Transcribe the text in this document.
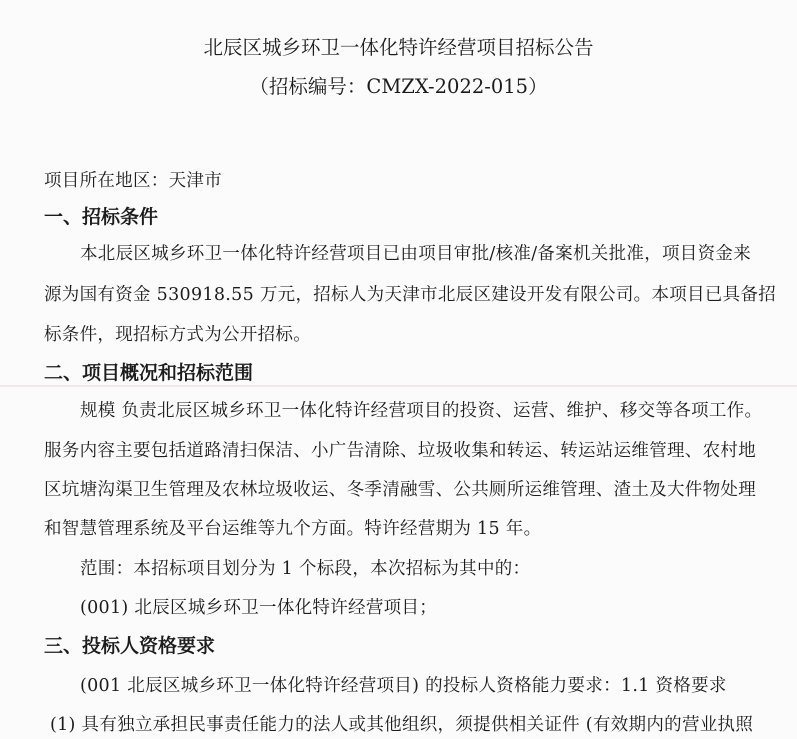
北辰区城乡环卫一体化特许经营项目招标公告
（招标编号：CMZX-2022-015）
项目所在地区：天津市
一、招标条件
本北辰区城乡环卫一体化特许经营项目已由项目审批/核准/备案机关批准，项目资金来
源为国有资金 530918.55 万元，招标人为天津市北辰区建设开发有限公司。本项目已具备招
标条件，现招标方式为公开招标。
二、项目概况和招标范围
规模 负责北辰区城乡环卫一体化特许经营项目的投资、运营、维护、移交等各项工作。
服务内容主要包括道路清扫保洁、小广告清除、垃圾收集和转运、转运站运维管理、农村地
区坑塘沟渠卫生管理及农林垃圾收运、冬季清融雪、公共厕所运维管理、渣土及大件物处理
和智慧管理系统及平台运维等九个方面。特许经营期为 15 年。
范围：本招标项目划分为 1 个标段，本次招标为其中的：
(001) 北辰区城乡环卫一体化特许经营项目；
三、投标人资格要求
(001 北辰区城乡环卫一体化特许经营项目) 的投标人资格能力要求：1.1 资格要求
(1) 具有独立承担民事责任能力的法人或其他组织，须提供相关证件 (有效期内的营业执照
